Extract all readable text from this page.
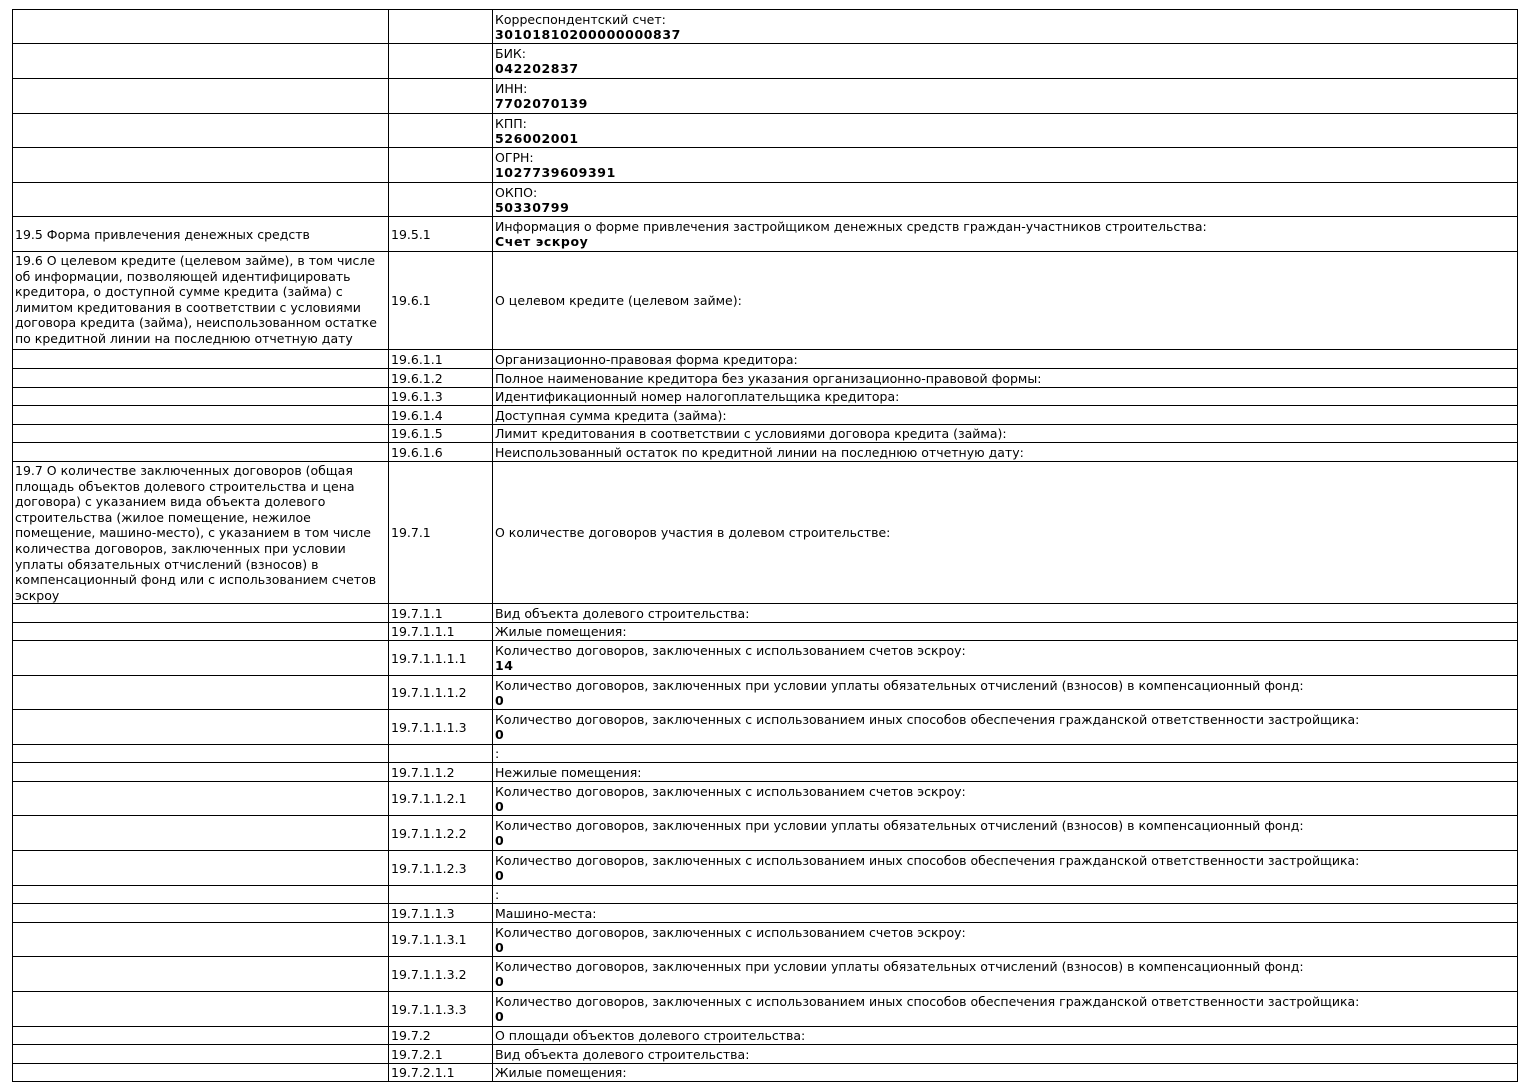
		Корреспондентский счет:
30101810200000000837

		БИК:
042202837

		ИНН:
7702070139

		КПП:
526002001

		ОГРН:
1027739609391

		ОКПО:
50330799

19.5 Форма привлечения денежных средств	19.5.1	Информация о форме привлечения застройщиком денежных средств граждан-участников строительства:
Счет эскроу

19.6 О целевом кредите (целевом займе), в том числе об информации, позволяющей идентифицировать кредитора, о доступной сумме кредита (займа) с лимитом кредитования в соответствии с условиями договора кредита (займа), неиспользованном остатке по кредитной линии на последнюю отчетную дату	19.6.1	О целевом кредите (целевом займе):
	19.6.1.1	Организационно-правовая форма кредитора:
	19.6.1.2	Полное наименование кредитора без указания организационно-правовой формы:
	19.6.1.3	Идентификационный номер налогоплательщика кредитора:
	19.6.1.4	Доступная сумма кредита (займа):
	19.6.1.5	Лимит кредитования в соответствии с условиями договора кредита (займа):
	19.6.1.6	Неиспользованный остаток по кредитной линии на последнюю отчетную дату:
19.7 О количестве заключенных договоров (общая площадь объектов долевого строительства и цена договора) с указанием вида объекта долевого строительства (жилое помещение, нежилое помещение, машино-место), с указанием в том числе количества договоров, заключенных при условии уплаты обязательных отчислений (взносов) в компенсационный фонд или с использованием счетов эскроу	19.7.1	О количестве договоров участия в долевом строительстве:
	19.7.1.1	Вид объекта долевого строительства:
	19.7.1.1.1	Жилые помещения:
	19.7.1.1.1.1	Количество договоров, заключенных с использованием счетов эскроу:
14

	19.7.1.1.1.2	Количество договоров, заключенных при условии уплаты обязательных отчислений (взносов) в компенсационный фонд:
0

	19.7.1.1.1.3	Количество договоров, заключенных с использованием иных способов обеспечения гражданской ответственности застройщика:
0

		:
	19.7.1.1.2	Нежилые помещения:
	19.7.1.1.2.1	Количество договоров, заключенных с использованием счетов эскроу:
0

	19.7.1.1.2.2	Количество договоров, заключенных при условии уплаты обязательных отчислений (взносов) в компенсационный фонд:
0

	19.7.1.1.2.3	Количество договоров, заключенных с использованием иных способов обеспечения гражданской ответственности застройщика:
0

		:
	19.7.1.1.3	Машино-места:
	19.7.1.1.3.1	Количество договоров, заключенных с использованием счетов эскроу:
0

	19.7.1.1.3.2	Количество договоров, заключенных при условии уплаты обязательных отчислений (взносов) в компенсационный фонд:
0

	19.7.1.1.3.3	Количество договоров, заключенных с использованием иных способов обеспечения гражданской ответственности застройщика:
0

	19.7.2	О площади объектов долевого строительства:
	19.7.2.1	Вид объекта долевого строительства:
	19.7.2.1.1	Жилые помещения:
